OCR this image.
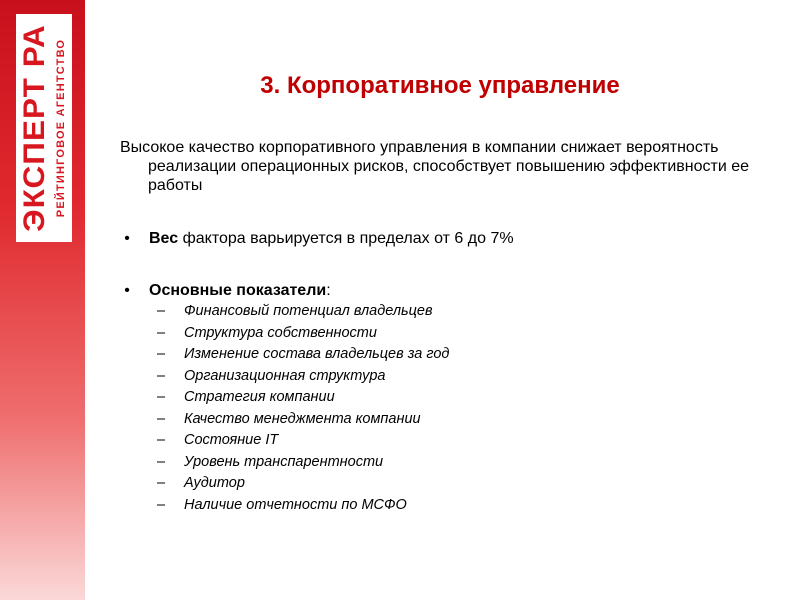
ЭКСПЕРТ РА РЕЙТИНГОВОЕ АГЕНТСТВО	3. Корпоративное управление
Высокое качество корпоративного управления в компании снижает вероятность реализации операционных рисков, способствует повышению эффективности ее работы
• Вес фактора варьируется в пределах от 6 до 7%
• Основные показатели:
– Финансовый потенциал владельцев
– Структура собственности
– Изменение состава владельцев за год
– Организационная структура
– Стратегия компании
– Качество менеджмента компании
– Состояние IT
– Уровень транспарентности
– Аудитор
– Наличие отчетности по МСФО
